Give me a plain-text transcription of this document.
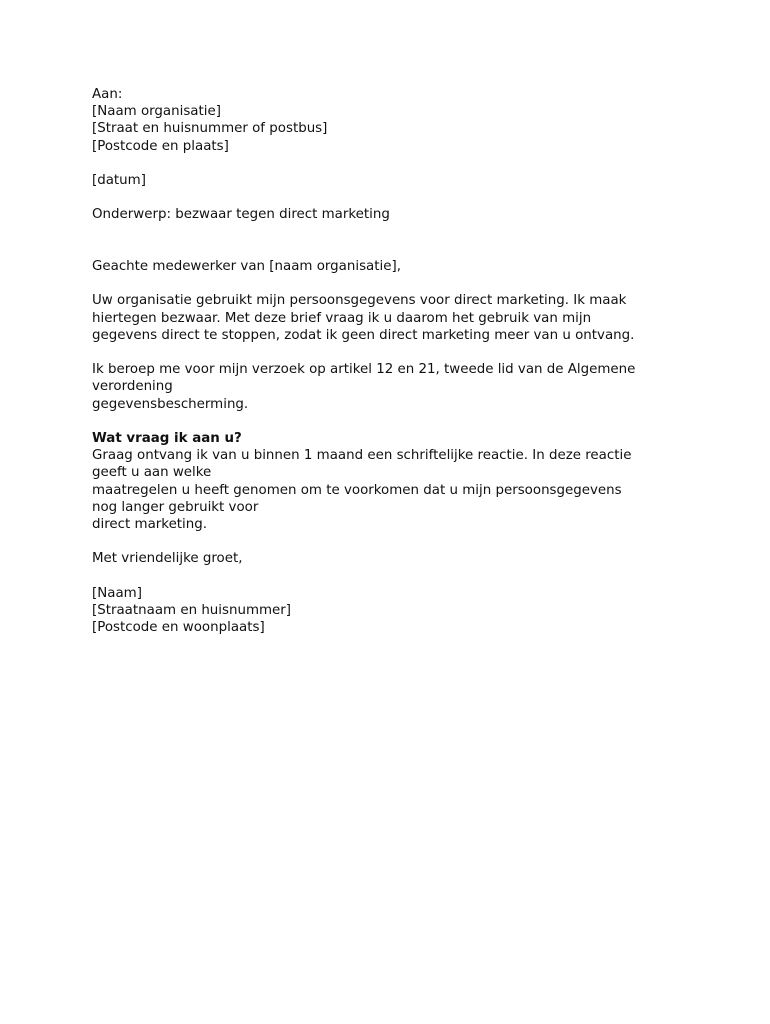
Aan:
[Naam organisatie]
[Straat en huisnummer of postbus]
[Postcode en plaats]
[datum]
Onderwerp: bezwaar tegen direct marketing
Geachte medewerker van [naam organisatie],
Uw organisatie gebruikt mijn persoonsgegevens voor direct marketing. Ik maak
hiertegen bezwaar. Met deze brief vraag ik u daarom het gebruik van mijn
gegevens direct te stoppen, zodat ik geen direct marketing meer van u ontvang.
Ik beroep me voor mijn verzoek op artikel 12 en 21, tweede lid van de Algemene
verordening
gegevensbescherming.
Wat vraag ik aan u?
Graag ontvang ik van u binnen 1 maand een schriftelijke reactie. In deze reactie
geeft u aan welke
maatregelen u heeft genomen om te voorkomen dat u mijn persoonsgegevens
nog langer gebruikt voor
direct marketing.
Met vriendelijke groet,
[Naam]
[Straatnaam en huisnummer]
[Postcode en woonplaats]
